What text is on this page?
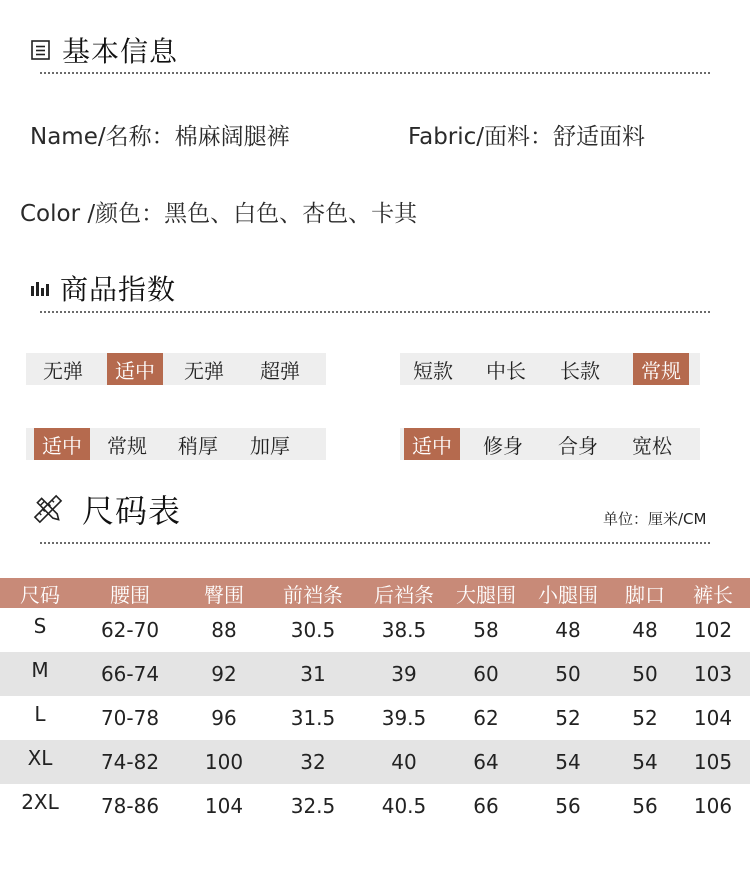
基本信息
Name/名称：棉麻阔腿裤	Fabric/面料：舒适面料
Color /颜色：黑色、白色、杏色、卡其
商品指数
无弹	适中	无弹	超弹	短款	中长	长款	常规
适中	常规	稍厚	加厚	适中	修身	合身	宽松
尺码表	单位：厘米/CM
尺码	腰围	臀围	前裆条	后裆条	大腿围	小腿围	脚口	裤长
S	62-70	88	30.5	38.5	58	48	48	102
M	66-74	92	31	39	60	50	50	103
L	70-78	96	31.5	39.5	62	52	52	104
XL	74-82	100	32	40	64	54	54	105
2XL	78-86	104	32.5	40.5	66	56	56	106
